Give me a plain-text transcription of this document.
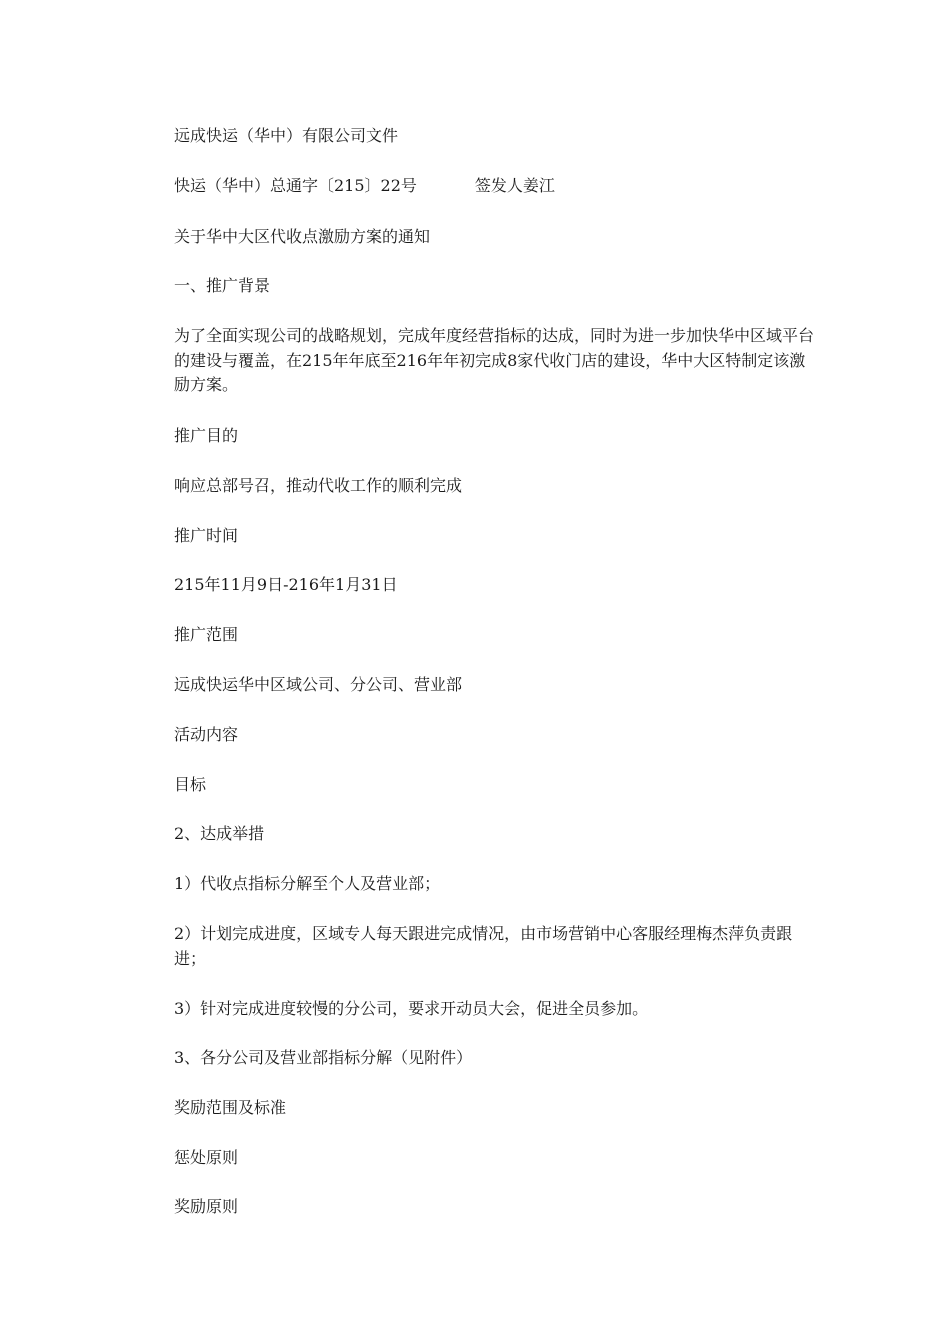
远成快运（华中）有限公司文件
快运（华中）总通字〔215〕22号	签发人姜江
关于华中大区代收点激励方案的通知
一、推广背景
为了全面实现公司的战略规划，完成年度经营指标的达成，同时为进一步加快华中区域平台的建设与覆盖，在215年年底至216年年初完成8家代收门店的建设，华中大区特制定该激励方案。
推广目的
响应总部号召，推动代收工作的顺利完成
推广时间
215年11月9日-216年1月31日
推广范围
远成快运华中区域公司、分公司、营业部
活动内容
目标
2、达成举措
1）代收点指标分解至个人及营业部；
2）计划完成进度，区域专人每天跟进完成情况，由市场营销中心客服经理梅杰萍负责跟进；
3）针对完成进度较慢的分公司，要求开动员大会，促进全员参加。
3、各分公司及营业部指标分解（见附件）
奖励范围及标准
惩处原则
奖励原则
